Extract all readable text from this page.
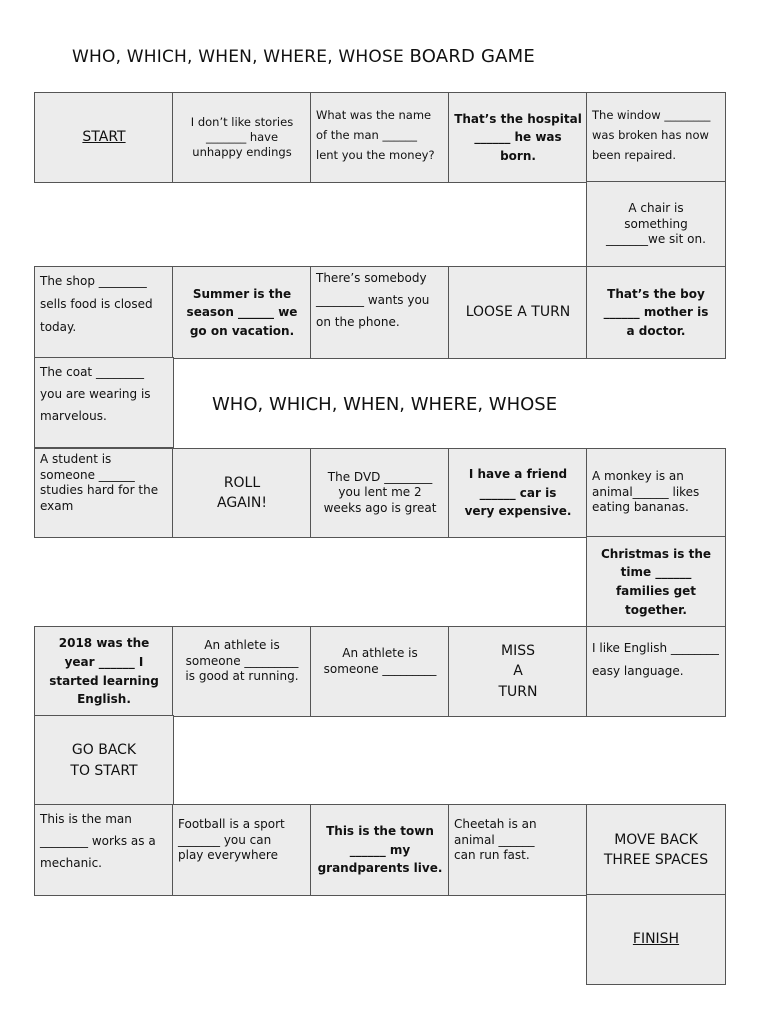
WHO, WHICH, WHEN, WHERE, WHOSE BOARD GAME
START
I don’t like stories
_______ have
unhappy endings
What was the name
of the man ______
lent you the money?
That’s the hospital
______ he was
born.
The window ________
was broken has now
been repaired.
A chair is
something
_______we sit on.
The shop ________
sells food is closed
today.
Summer is the
season ______ we
go on vacation.
There’s somebody
________ wants you
on the phone.
LOOSE A TURN
That’s the boy
______ mother is
a doctor.
The coat ________
you are wearing is
marvelous.
WHO, WHICH, WHEN, WHERE, WHOSE
A student is
someone ______
studies hard for the
exam
ROLL
AGAIN!
The DVD ________
you lent me 2
weeks ago is great
I have a friend
______ car is
very expensive.
A monkey is an
animal______ likes
eating bananas.
Christmas is the
time ______
families get
together.
2018 was the
year ______ I
started learning
English.
An athlete is
someone _________
is good at running.
An athlete is
someone _________
MISS
A
TURN
I like English ________
easy language.
GO BACK
TO START
This is the man
________ works as a
mechanic.
Football is a sport
_______ you can
play everywhere
This is the town
______ my
grandparents live.
Cheetah is an
animal ______
can run fast.
MOVE BACK
THREE SPACES
FINISH
